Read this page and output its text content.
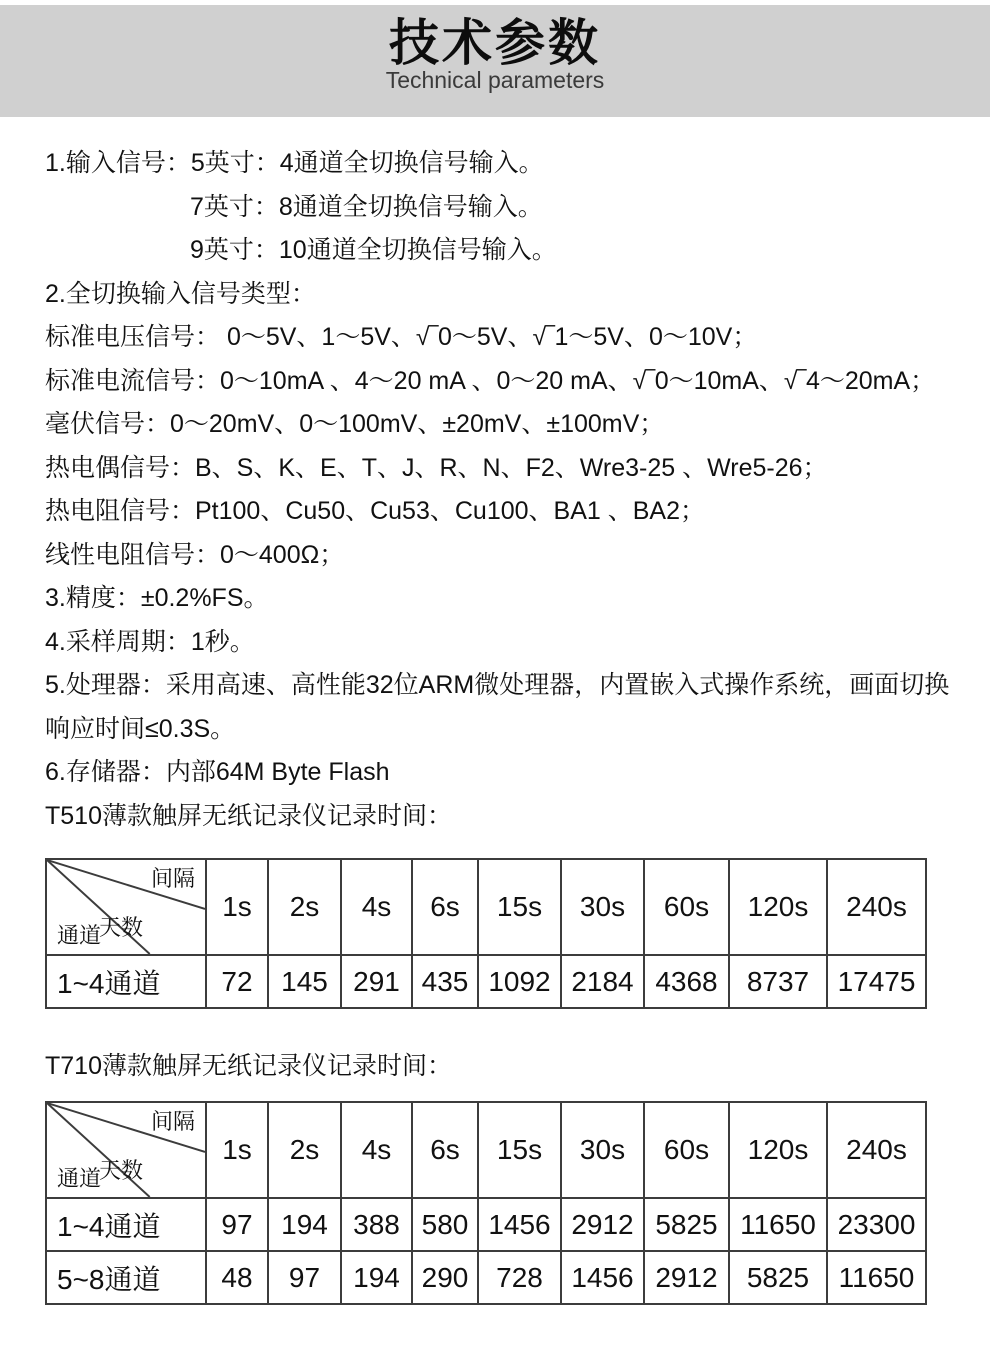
技术参数
Technical parameters

1.输入信号：5英寸：4通道全切换信号输入。

7英寸：8通道全切换信号输入。

9英寸：10通道全切换信号输入。

2.全切换输入信号类型：

标准电压信号： 0～5V、1～5V、√‾0～5V、√‾1～5V、0～10V；

标准电流信号：0～10mA 、4～20 mA 、0～20 mA、√‾0～10mA、√‾4～20mA；

毫伏信号：0～20mV、0～100mV、±20mV、±100mV；

热电偶信号：B、S、K、E、T、J、R、N、F2、Wre3-25 、Wre5-26；

热电阻信号：Pt100、Cu50、Cu53、Cu100、BA1 、BA2；

线性电阻信号：0～400Ω；

3.精度：±0.2%FS。

4.采样周期：1秒。

5.处理器：采用高速、高性能32位ARM微处理器，内置嵌入式操作系统，画面切换

响应时间≤0.3S。

6.存储器：内部64M Byte Flash

T510薄款触屏无纸记录仪记录时间：

间隔
天数
通道	1s	2s	4s	6s	15s	30s	60s	120s	240s
1~4通道	72	145	291	435	1092	2184	4368	8737	17475

T710薄款触屏无纸记录仪记录时间：

间隔
天数
通道	1s	2s	4s	6s	15s	30s	60s	120s	240s
1~4通道	97	194	388	580	1456	2912	5825	11650	23300
5~8通道	48	97	194	290	728	1456	2912	5825	11650
